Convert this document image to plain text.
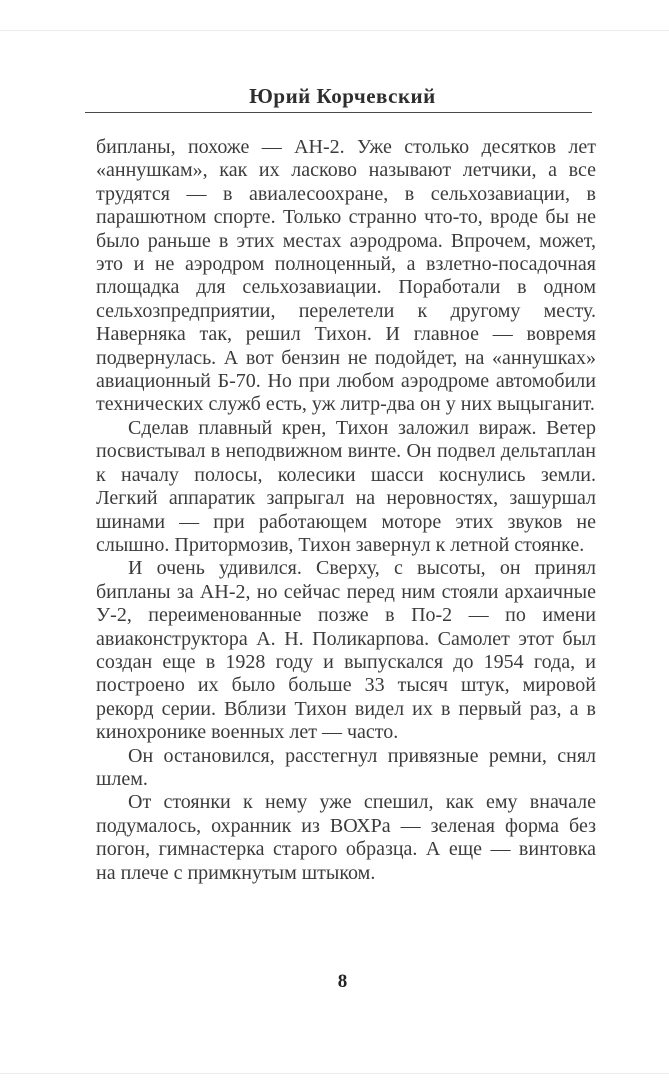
Юрий Корчевский

бипланы, похоже — АН-2. Уже столько десятков лет «аннушкам», как их ласково называют летчики, а все трудятся — в авиалесоохране, в сельхозавиации, в парашютном спорте. Только странно что-то, вроде бы не было раньше в этих местах аэродрома. Впрочем, может, это и не аэродром полноценный, а взлетно-посадочная площадка для сельхозавиации. Поработали в одном сельхозпредприятии, перелетели к другому месту. Наверняка так, решил Тихон. И главное — вовремя подвернулась. А вот бензин не подойдет, на «аннушках» авиационный Б-70. Но при любом аэродроме автомобили технических служб есть, уж литр-два он у них выцыганит.

Сделав плавный крен, Тихон заложил вираж. Ветер посвистывал в неподвижном винте. Он подвел дельтаплан к началу полосы, колесики шасси коснулись земли. Легкий аппаратик запрыгал на неровностях, зашуршал шинами — при работающем моторе этих звуков не слышно. Притормозив, Тихон завернул к летной стоянке.

И очень удивился. Сверху, с высоты, он принял бипланы за АН-2, но сейчас перед ним стояли архаичные У-2, переименованные позже в По-2 — по имени авиаконструктора А. Н. Поликарпова. Самолет этот был создан еще в 1928 году и выпускался до 1954 года, и построено их было больше 33 тысяч штук, мировой рекорд серии. Вблизи Тихон видел их в первый раз, а в кинохронике военных лет — часто.

Он остановился, расстегнул привязные ремни, снял шлем.

От стоянки к нему уже спешил, как ему вначале подумалось, охранник из ВОХРа — зеленая форма без погон, гимнастерка старого образца. А еще — винтовка на плече с примкнутым штыком.

8
